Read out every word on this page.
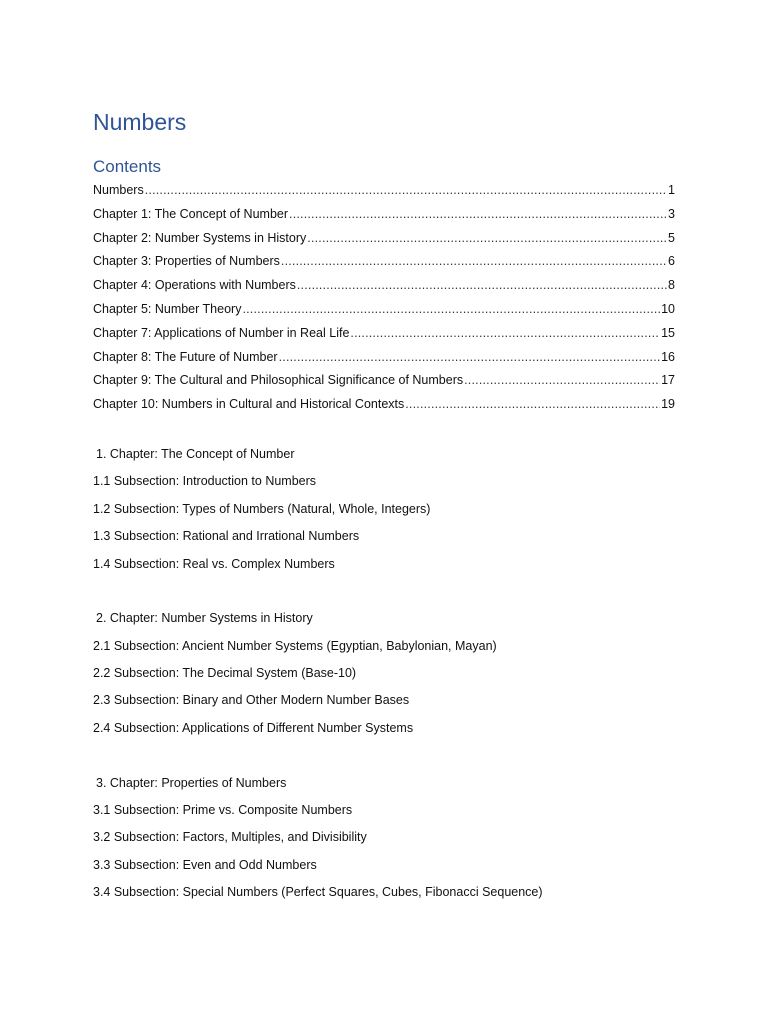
Numbers
Contents
Numbers .....	1
Chapter 1: The Concept of Number .....	3
Chapter 2: Number Systems in History .....	5
Chapter 3: Properties of Numbers .....	6
Chapter 4: Operations with Numbers .....	8
Chapter 5: Number Theory .....	10
Chapter 7: Applications of Number in Real Life .....	15
Chapter 8: The Future of Number .....	16
Chapter 9: The Cultural and Philosophical Significance of Numbers .....	17
Chapter 10: Numbers in Cultural and Historical Contexts .....	19

1. Chapter: The Concept of Number

1.1 Subsection: Introduction to Numbers

1.2 Subsection: Types of Numbers (Natural, Whole, Integers)

1.3 Subsection: Rational and Irrational Numbers

1.4 Subsection: Real vs. Complex Numbers

2. Chapter: Number Systems in History

2.1 Subsection: Ancient Number Systems (Egyptian, Babylonian, Mayan)

2.2 Subsection: The Decimal System (Base-10)

2.3 Subsection: Binary and Other Modern Number Bases

2.4 Subsection: Applications of Different Number Systems

3. Chapter: Properties of Numbers

3.1 Subsection: Prime vs. Composite Numbers

3.2 Subsection: Factors, Multiples, and Divisibility

3.3 Subsection: Even and Odd Numbers

3.4 Subsection: Special Numbers (Perfect Squares, Cubes, Fibonacci Sequence)
